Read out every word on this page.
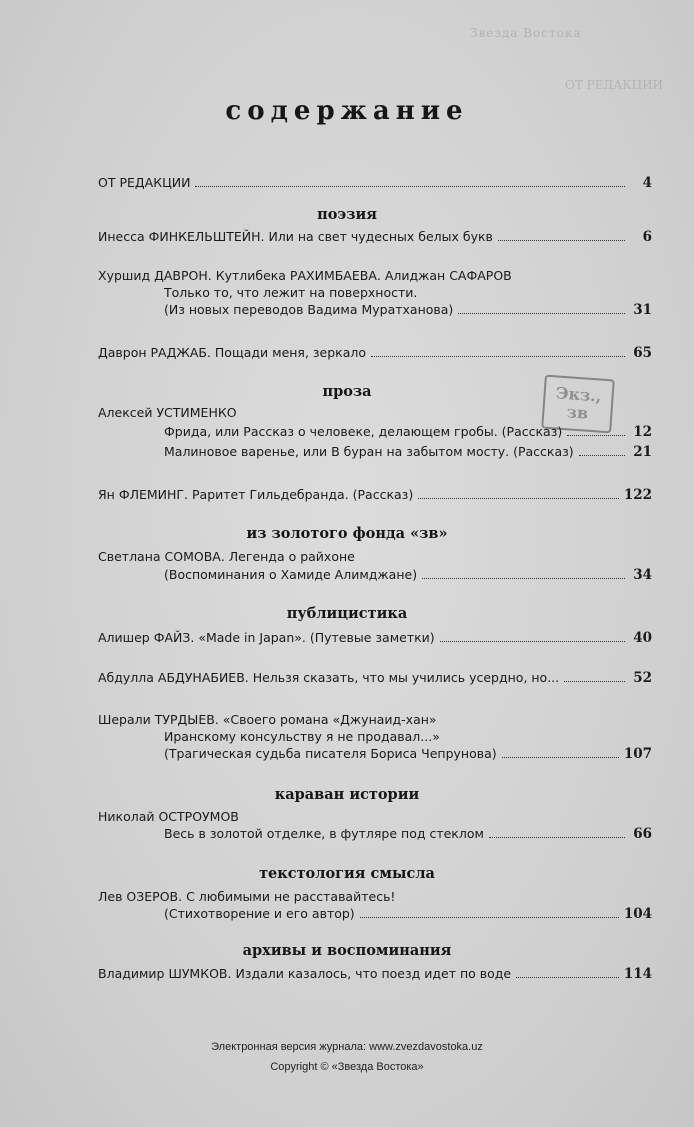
Звезда Востока
ОТ РЕДАКЦИИ
содержание
ОТ РЕДАКЦИИ	4
поэзия
Инесса ФИНКЕЛЬШТЕЙН. Или на свет чудесных белых букв	6
Хуршид ДАВРОН. Кутлибека РАХИМБАЕВА. Алиджан САФАРОВ
Только то, что лежит на поверхности.
(Из новых переводов Вадима Муратханова)	31
Даврон РАДЖАБ. Пощади меня, зеркало	65
проза	Экз., зв
Алексей УСТИМЕНКО
Фрида, или Рассказ о человеке, делающем гробы. (Рассказ)	12
Малиновое варенье, или В буран на забытом мосту. (Рассказ)	21
Ян ФЛЕМИНГ. Раритет Гильдебранда. (Рассказ)	122
из золотого фонда «зв»
Светлана СОМОВА. Легенда о райхоне
(Воспоминания о Хамиде Алимджане)	34
публицистика
Алишер ФАЙЗ. «Made in Japan». (Путевые заметки)	40
Абдулла АБДУНАБИЕВ. Нельзя сказать, что мы учились усердно, но...	52
Шерали ТУРДЫЕВ. «Своего романа «Джунаид-хан»
Иранскому консульству я не продавал...»
(Трагическая судьба писателя Бориса Чепрунова)	107
караван истории
Николай ОСТРОУМОВ
Весь в золотой отделке, в футляре под стеклом	66
текстология смысла
Лев ОЗЕРОВ. С любимыми не расставайтесь!
(Стихотворение и его автор)	104
архивы и воспоминания
Владимир ШУМКОВ. Издали казалось, что поезд идет по воде	114
Электронная версия журнала: www.zvezdavostoka.uz
Copyright © «Звезда Востока»
